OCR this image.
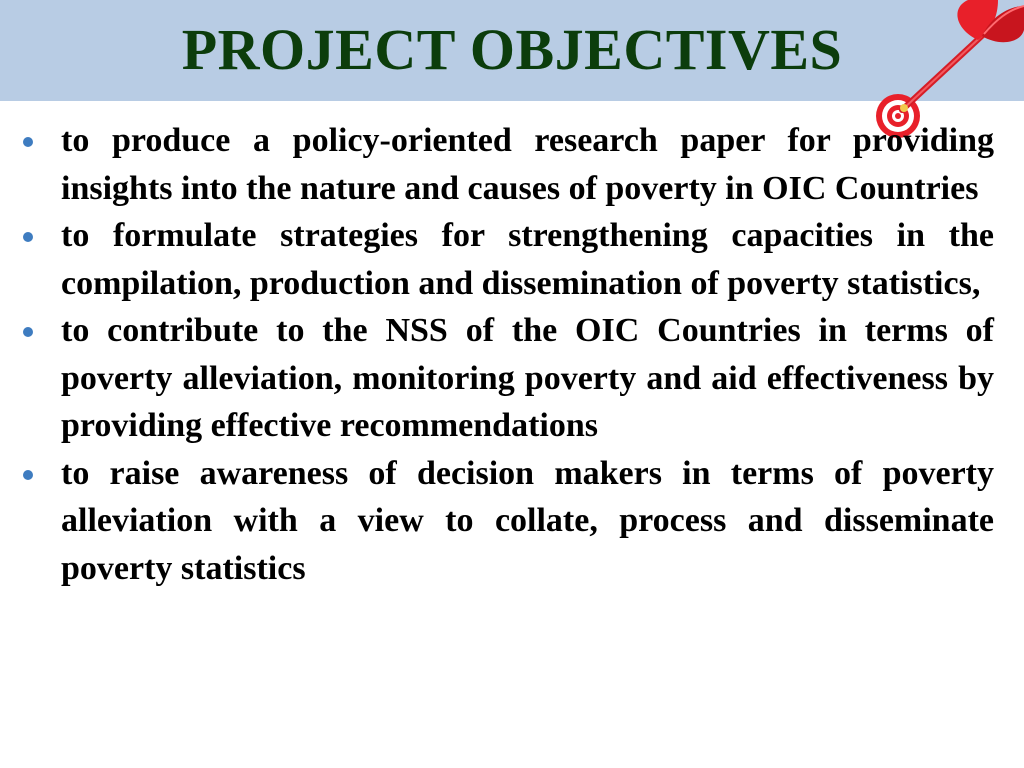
PROJECT OBJECTIVES
to produce a policy-oriented research paper for providing insights into the nature and causes of poverty in OIC Countries
to formulate strategies for strengthening capacities in the compilation, production and dissemination of poverty statistics,
to contribute to the NSS of the OIC Countries in terms of poverty alleviation, monitoring poverty and aid effectiveness by providing effective recommendations
to raise awareness of decision makers in terms of poverty alleviation with a view to collate, process and disseminate poverty statistics
